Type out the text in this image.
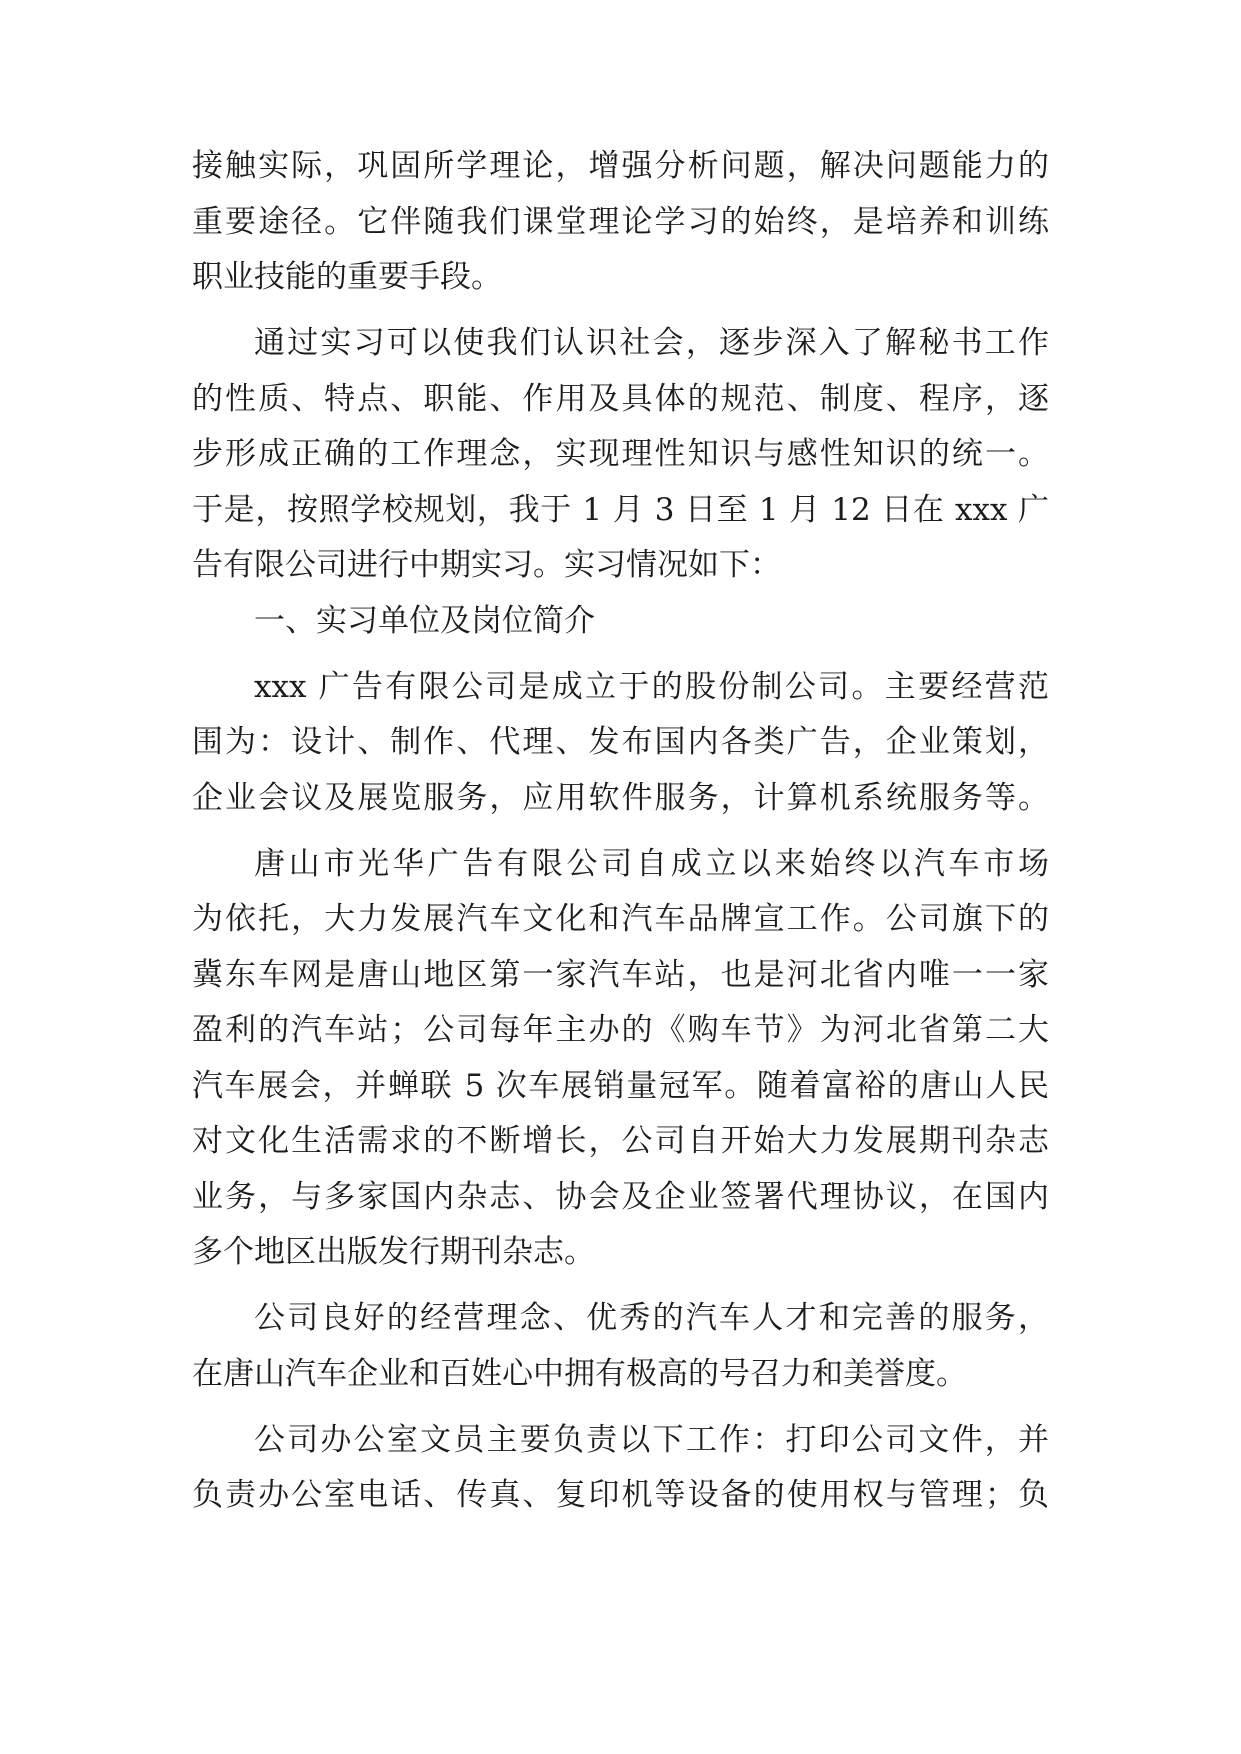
接触实际，巩固所学理论，增强分析问题，解决问题能力的
重要途径。它伴随我们课堂理论学习的始终，是培养和训练
职业技能的重要手段。
通过实习可以使我们认识社会，逐步深入了解秘书工作
的性质、特点、职能、作用及具体的规范、制度、程序，逐
步形成正确的工作理念，实现理性知识与感性知识的统一。
于是，按照学校规划，我于 1 月 3 日至 1 月 12 日在 xxx 广
告有限公司进行中期实习。实习情况如下：
一、实习单位及岗位简介
xxx 广告有限公司是成立于的股份制公司。主要经营范
围为：设计、制作、代理、发布国内各类广告，企业策划，
企业会议及展览服务，应用软件服务，计算机系统服务等。
唐山市光华广告有限公司自成立以来始终以汽车市场
为依托，大力发展汽车文化和汽车品牌宣工作。公司旗下的
冀东车网是唐山地区第一家汽车站，也是河北省内唯一一家
盈利的汽车站；公司每年主办的《购车节》为河北省第二大
汽车展会，并蝉联 5 次车展销量冠军。随着富裕的唐山人民
对文化生活需求的不断增长，公司自开始大力发展期刊杂志
业务，与多家国内杂志、协会及企业签署代理协议，在国内
多个地区出版发行期刊杂志。
公司良好的经营理念、优秀的汽车人才和完善的服务，
在唐山汽车企业和百姓心中拥有极高的号召力和美誉度。
公司办公室文员主要负责以下工作：打印公司文件，并
负责办公室电话、传真、复印机等设备的使用权与管理；负
